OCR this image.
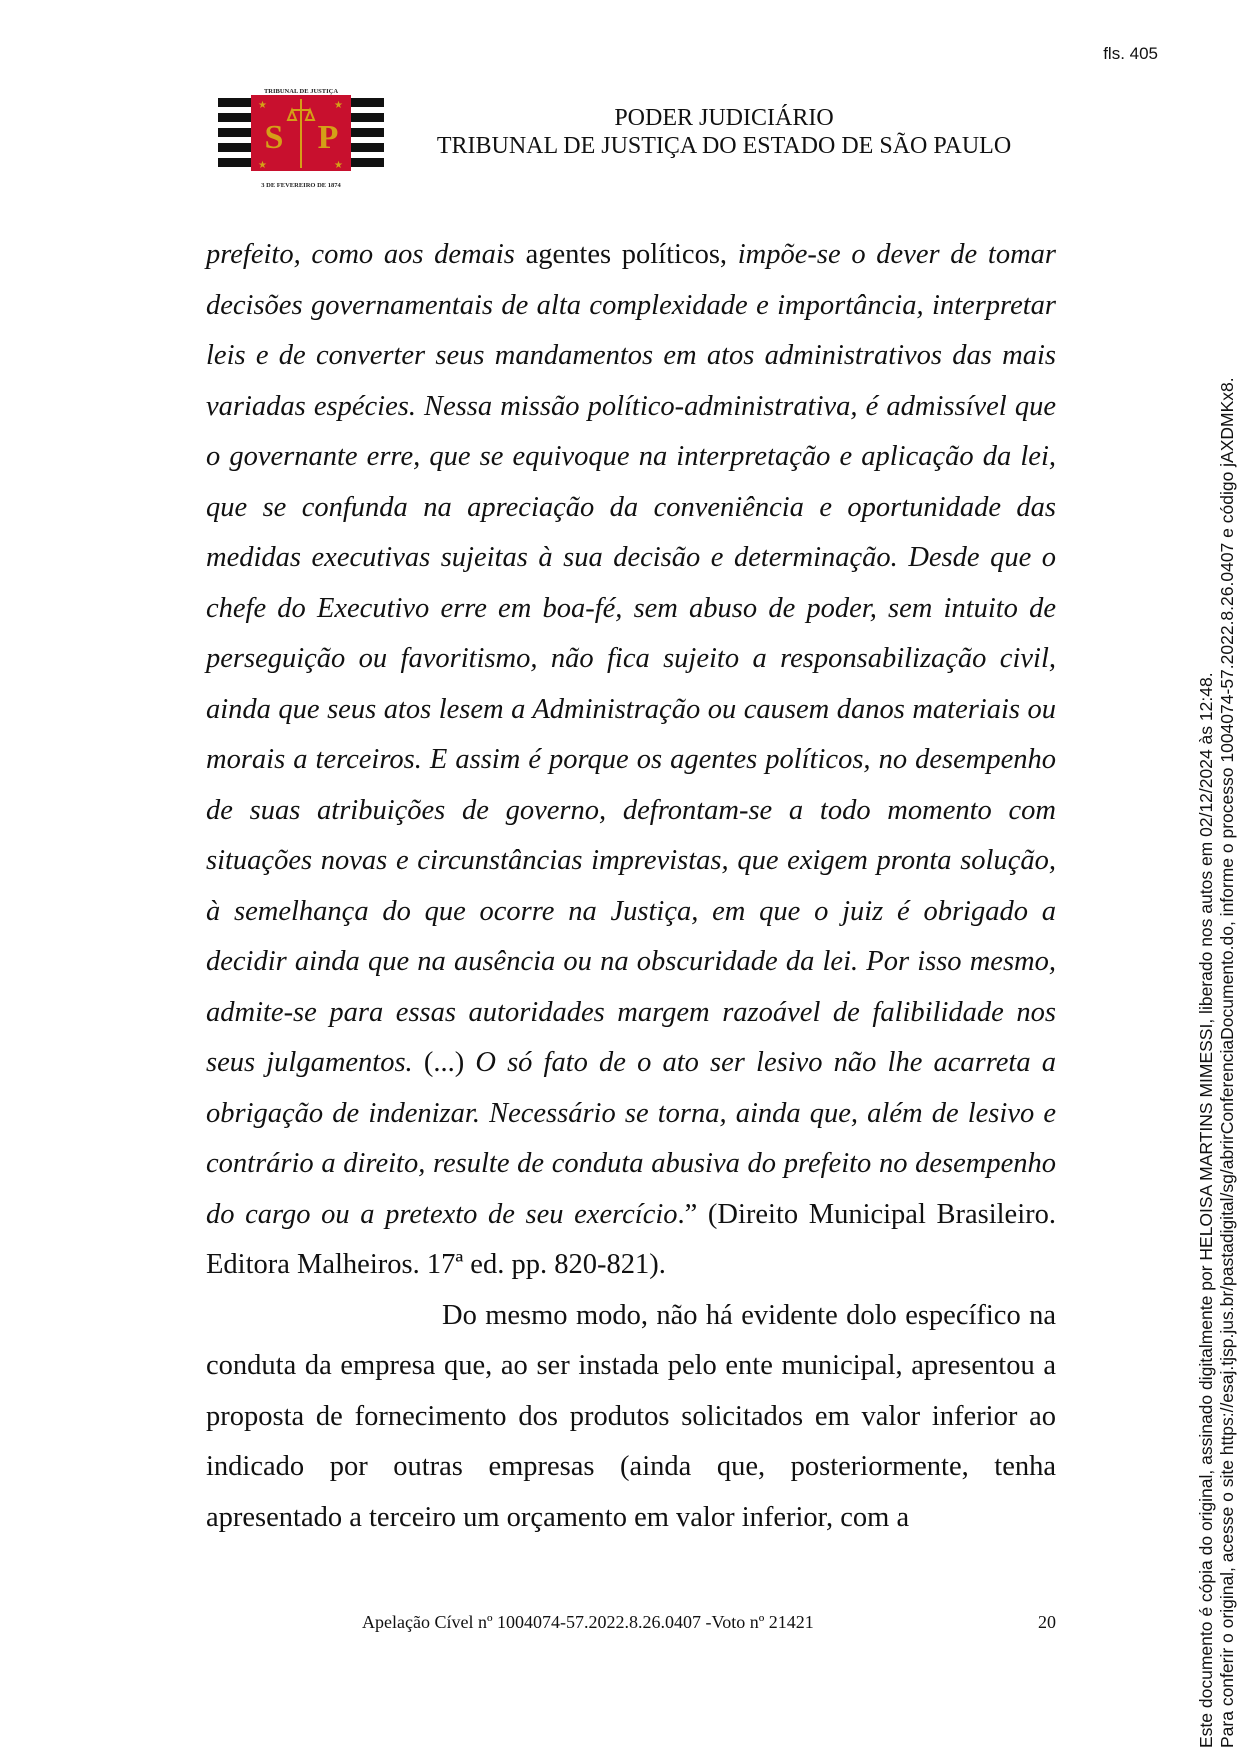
fls. 405
TRIBUNAL DE JUSTIÇA
★	★
★	★
S P
3 DE FEVEREIRO DE 1874
PODER JUDICIÁRIO
TRIBUNAL DE JUSTIÇA DO ESTADO DE SÃO PAULO

prefeito, como aos demais agentes políticos, impõe-se o dever de tomar decisões governamentais de alta complexidade e importância, interpretar leis e de converter seus mandamentos em atos administrativos das mais variadas espécies. Nessa missão político-administrativa, é admissível que o governante erre, que se equivoque na interpretação e aplicação da lei, que se confunda na apreciação da conveniência e oportunidade das medidas executivas sujeitas à sua decisão e determinação. Desde que o chefe do Executivo erre em boa-fé, sem abuso de poder, sem intuito de perseguição ou favoritismo, não fica sujeito a responsabilização civil, ainda que seus atos lesem a Administração ou causem danos materiais ou morais a terceiros. E assim é porque os agentes políticos, no desempenho de suas atribuições de governo, defrontam-se a todo momento com situações novas e circunstâncias imprevistas, que exigem pronta solução, à semelhança do que ocorre na Justiça, em que o juiz é obrigado a decidir ainda que na ausência ou na obscuridade da lei. Por isso mesmo, admite-se para essas autoridades margem razoável de falibilidade nos seus julgamentos. (...) O só fato de o ato ser lesivo não lhe acarreta a obrigação de indenizar. Necessário se torna, ainda que, além de lesivo e contrário a direito, resulte de conduta abusiva do prefeito no desempenho do cargo ou a pretexto de seu exercício.” (Direito Municipal Brasileiro. Editora Malheiros. 17ª ed. pp. 820-821).

Do mesmo modo, não há evidente dolo específico na conduta da empresa que, ao ser instada pelo ente municipal, apresentou a proposta de fornecimento dos produtos solicitados em valor inferior ao indicado por outras empresas (ainda que, posteriormente, tenha apresentado a terceiro um orçamento em valor inferior, com a

Apelação Cível nº 1004074-57.2022.8.26.0407 -Voto nº 21421	20	Este documento é cópia do original, assinado digitalmente por HELOISA MARTINS MIMESSI, liberado nos autos em 02/12/2024 às 12:48. Para conferir o original, acesse o site https://esaj.tjsp.jus.br/pastadigital/sg/abrirConferenciaDocumento.do, informe o processo 1004074-57.2022.8.26.0407 e código jAXDMKx8.
